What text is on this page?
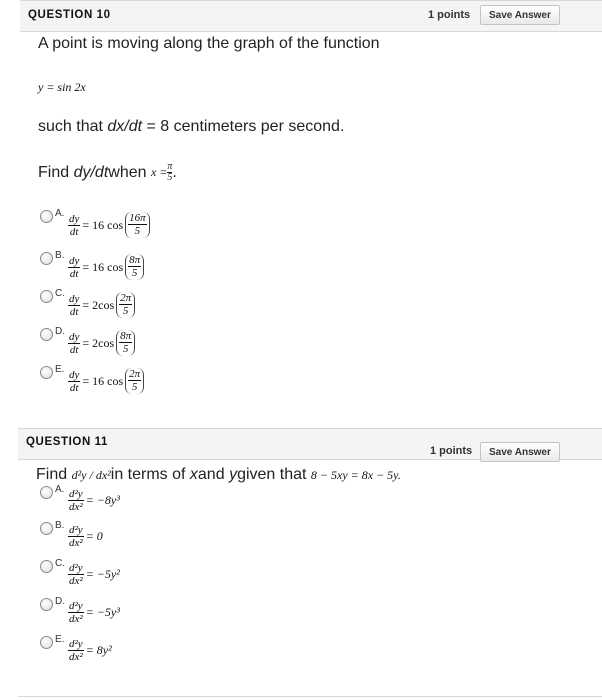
QUESTION 10	1 points	Save Answer
A point is moving along the graph of the function
y = sin 2x
such that dx/dt = 8 centimeters per second.
Find
dy/dt when
$x = \frac{\pi}{5}$ .
A. $\frac{dy}{dt} = 16$ $\cos \frac{16\pi}{5}$
B. $\frac{dy}{dt} = 16$ $\cos \frac{8\pi}{5}$
C. $\frac{dy}{dt} = 2\cos \frac{2\pi}{5}$
D. $\frac{dy}{dt} = 2\cos \frac{8\pi}{5}$
E. $\frac{dy}{dt} = 16$ $\cos \frac{2\pi}{5}$
QUESTION 11
1 points	Save Answer
Find
d²y / dx² in terms of
x and
y given that
8 − 5xy = 8x − 5y.
A. $\frac{\text{d²y}}{\text{dx²}} = -8y^3$
B. $\frac{\text{d²y}}{\text{dx²}} = 0$
C. $\frac{\text{d²y}}{\text{dx²}} = -5y^2$
D. $\frac{\text{d²y}}{\text{dx²}} = -5y^3$
E. $\frac{\text{d²y}}{\text{dx²}} = 8y^2$
